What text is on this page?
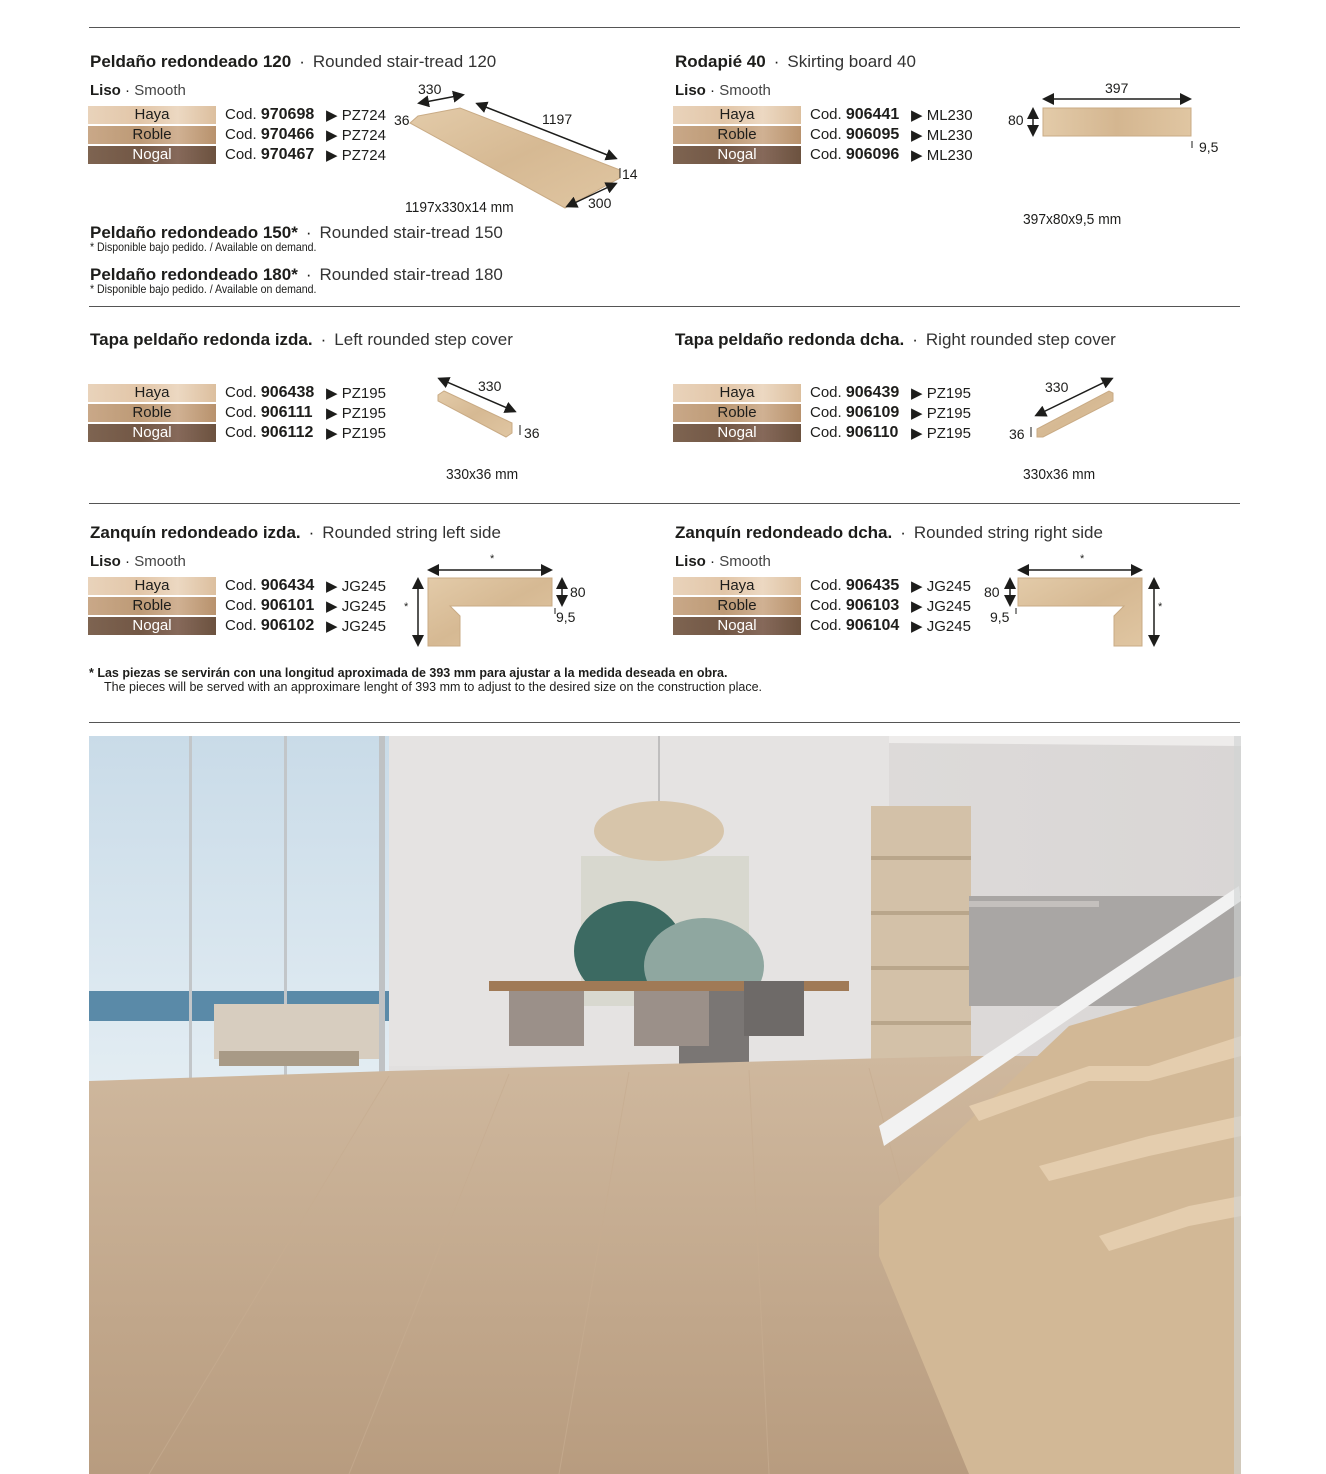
Peldaño redondeado 120 · Rounded stair-tread 120
Liso · Smooth
Haya	Cod. 970698 ▶ PZ724
Roble	Cod. 970466 ▶ PZ724
Nogal	Cod. 970467 ▶ PZ724
330
36	1197
14
300
1197x330x14 mm
Peldaño redondeado 150* · Rounded stair-tread 150
* Disponible bajo pedido. / Available on demand.
Peldaño redondeado 180* · Rounded stair-tread 180
* Disponible bajo pedido. / Available on demand.
Rodapié 40 · Skirting board 40
Liso · Smooth
Haya	Cod. 906441 ▶ ML230
Roble	Cod. 906095 ▶ ML230
Nogal	Cod. 906096 ▶ ML230
397
80
9,5
397x80x9,5 mm
Tapa peldaño redonda izda. · Left rounded step cover
Haya	Cod. 906438 ▶ PZ195
Roble	Cod. 906111 ▶ PZ195
Nogal	Cod. 906112 ▶ PZ195
330
36
330x36 mm
Tapa peldaño redonda dcha. · Right rounded step cover
Haya	Cod. 906439 ▶ PZ195
Roble	Cod. 906109 ▶ PZ195
Nogal	Cod. 906110 ▶ PZ195
330
36
330x36 mm
Zanquín redondeado izda. · Rounded string left side
Liso · Smooth
Haya	Cod. 906434 ▶ JG245
Roble	Cod. 906101 ▶ JG245
Nogal	Cod. 906102 ▶ JG245
*
80
9,5
*
Zanquín redondeado dcha. · Rounded string right side
Liso · Smooth
Haya	Cod. 906435 ▶ JG245
Roble	Cod. 906103 ▶ JG245
Nogal	Cod. 906104 ▶ JG245
*
80
9,5
*
* Las piezas se servirán con una longitud aproximada de 393 mm para ajustar a la medida deseada en obra.
The pieces will be served with an approximare lenght of 393 mm to adjust to the desired size on the construction place.
